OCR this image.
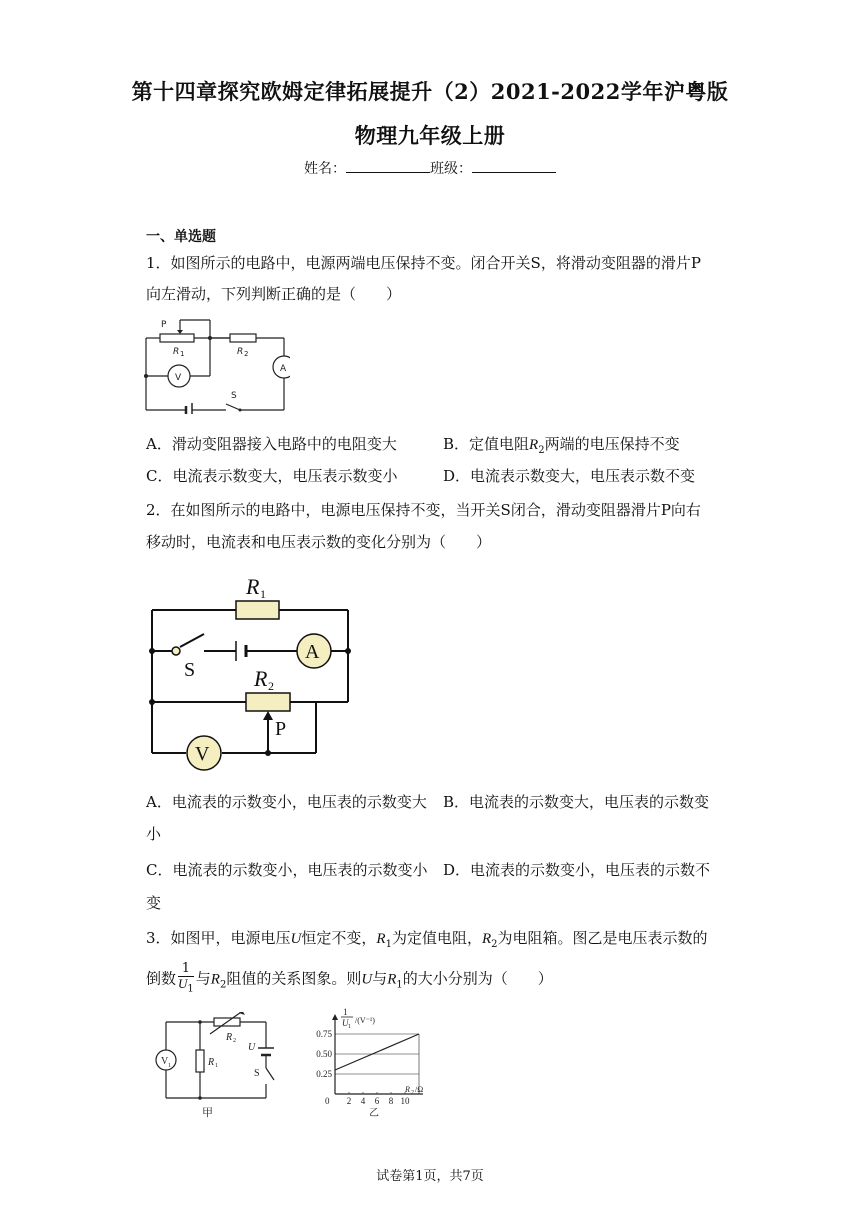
第十四章探究欧姆定律拓展提升（2）2021-2022学年沪粤版
物理九年级上册
姓名：	班级：
一、单选题
1．如图所示的电路中，电源两端电压保持不变。闭合开关S，将滑动变阻器的滑片P
向左滑动，下列判断正确的是（　　）
P
R 1	R 2
A
V
S
A．滑动变阻器接入电路中的电阻变大	B．定值电阻$R_2$两端的电压保持不变
C．电流表示数变大，电压表示数变小	D．电流表示数变大，电压表示数不变
2．在如图所示的电路中，电源电压保持不变，当开关S闭合，滑动变阻器滑片P向右
移动时，电流表和电压表示数的变化分别为（　　）
R 1
S
A
R 2
P
V
A．电流表的示数变小，电压表的示数变大 B．电流表的示数变大，电压表的示数变
小
C．电流表的示数变小，电压表的示数变小 D．电流表的示数变小，电压表的示数不
变
3．如图甲，电源电压U恒定不变，$R_1$为定值电阻，$R_2$为电阻箱。图乙是电压表示数的
倒数 $\frac{1}{U_1}$ 与$R_2$阻值的关系图象。则U与$R_1$的大小分别为（　　）
V 1
R 2
R 1
U
S
甲
1
U 1
/(V⁻¹)
R 2 /Ω
0
乙
0.25
0.50
0.75
2 4 6 8 10
试卷第1页，共7页
